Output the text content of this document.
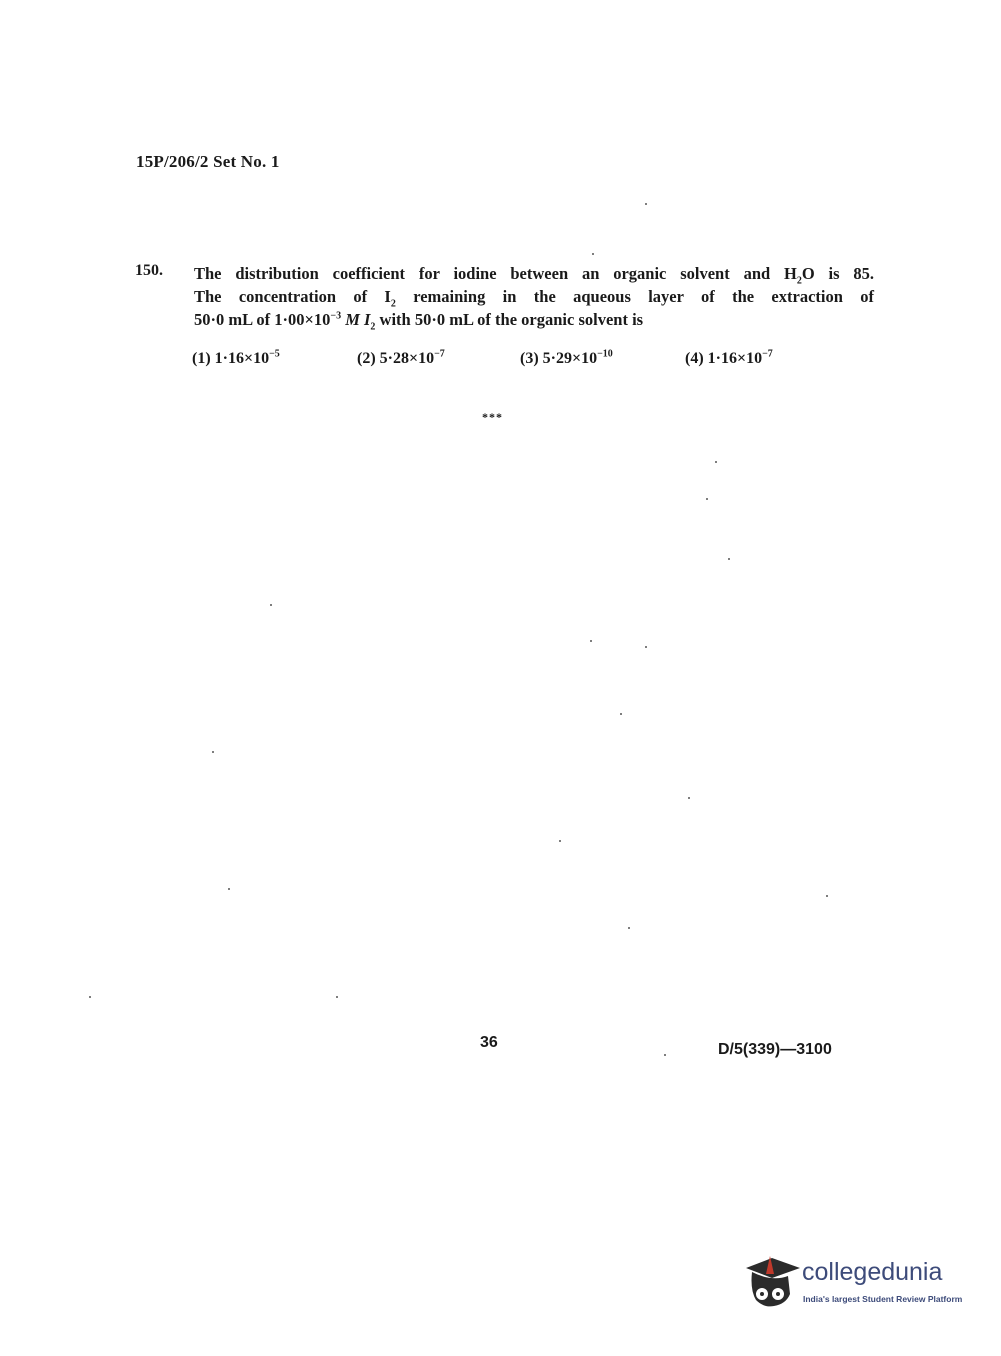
15P/206/2 Set No. 1
150. The distribution coefficient for iodine between an organic solvent and $H_2O$ is 85.

The concentration of $I_2$ remaining in the aqueous layer of the extraction of

50·0 mL of $1\cdot 00\times 10^{-3}$ M $I_2$ with 50·0 mL of the organic solvent is

(1) $1\cdot 16\times 10^{-5}$	(2) $5\cdot 28\times 10^{-7}$	(3) $5\cdot 29\times 10^{-10}$	(4) $1\cdot 16\times 10^{-7}$
***
36	D/5(339)—3100
collegedunia
India's largest Student Review Platform
